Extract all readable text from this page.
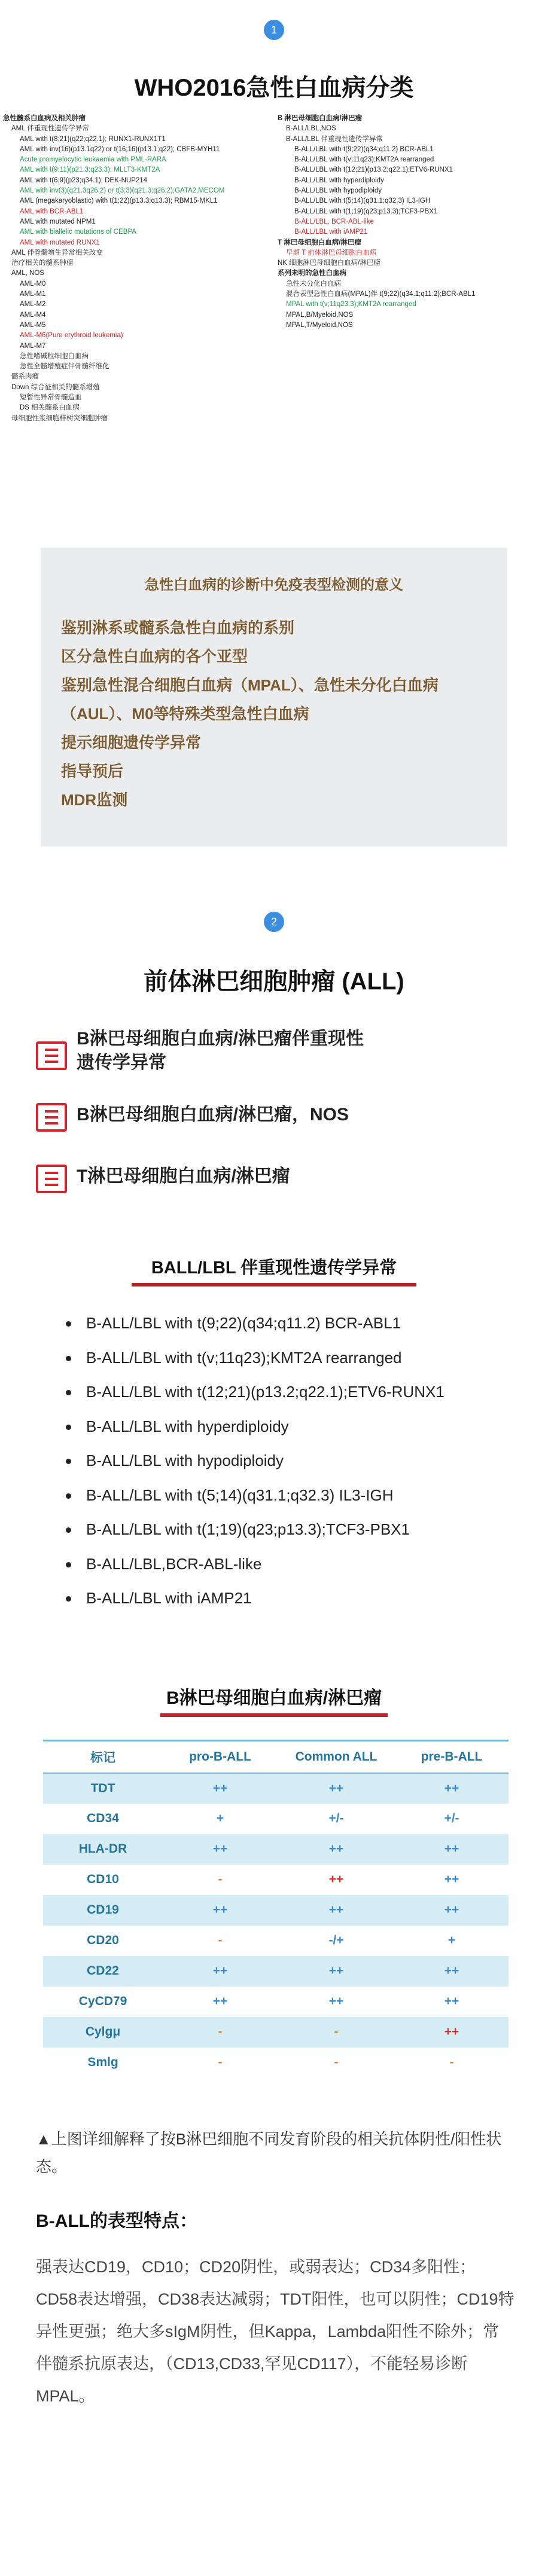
1
WHO2016急性白血病分类
急性髓系白血病及相关肿瘤
AML 伴重现性遗传学异常
AML with t(8;21)(q22;q22.1); RUNX1-RUNX1T1
AML with inv(16)(p13.1q22) or t(16;16)(p13.1;q22); CBFB-MYH11
Acute promyelocytic leukaemia with PML-RARA
AML with t(9;11)(p21.3;q23.3); MLLT3-KMT2A
AML with t(6;9)(p23;q34.1); DEK-NUP214
AML with inv(3)(q21.3q26.2) or t(3;3)(q21.3;q26.2);GATA2,MECOM
AML (megakaryoblastic) with t(1;22)(p13.3;q13.3); RBM15-MKL1
AML with BCR-ABL1
AML with mutated NPM1
AML with biallelic mutations of CEBPA
AML with mutated RUNX1
AML 伴骨髓增生异常相关改变
治疗相关的髓系肿瘤
AML, NOS
AML-M0
AML-M1
AML-M2
AML-M4
AML-M5
AML-M6(Pure erythroid leukemia)
AML-M7
急性嗜碱粒细胞白血病
急性全髓增殖症伴骨髓纤维化
髓系肉瘤
Down 综合征相关的髓系增殖
短暂性异常骨髓造血
DS 相关髓系白血病
母细胞性浆细胞样树突细胞肿瘤
B 淋巴母细胞白血病/淋巴瘤
B-ALL/LBL,NOS
B-ALL/LBL 伴重现性遗传学异常
B-ALL/LBL with t(9;22)(q34;q11.2) BCR-ABL1
B-ALL/LBL with t(v;11q23);KMT2A rearranged
B-ALL/LBL with t(12;21)(p13.2;q22.1);ETV6-RUNX1
B-ALL/LBL with hyperdiploidy
B-ALL/LBL with hypodiploidy
B-ALL/LBL with t(5;14)(q31.1;q32.3) IL3-IGH
B-ALL/LBL with t(1;19)(q23;p13.3);TCF3-PBX1
B-ALL/LBL, BCR-ABL-like
B-ALL/LBL with iAMP21
T 淋巴母细胞白血病/淋巴瘤
早期 T 前体淋巴母细胞白血病
NK 细胞淋巴母细胞白血病/淋巴瘤
系列未明的急性白血病
急性未分化白血病
混合表型急性白血病(MPAL)伴 t(9;22)(q34.1;q11.2);BCR-ABL1
MPAL with t(v;11q23.3);KMT2A rearranged
MPAL,B/Myeloid,NOS
MPAL,T/Myeloid,NOS
急性白血病的诊断中免疫表型检测的意义
鉴别淋系或髓系急性白血病的系别
区分急性白血病的各个亚型
鉴别急性混合细胞白血病（MPAL）、急性未分化白血病（AUL）、M0等特殊类型急性白血病
提示细胞遗传学异常
指导预后
MDR监测
2
前体淋巴细胞肿瘤 (ALL)
B淋巴母细胞白血病/淋巴瘤伴重现性遗传学异常
B淋巴母细胞白血病/淋巴瘤，NOS
T淋巴母细胞白血病/淋巴瘤
BALL/LBL 伴重现性遗传学异常
B-ALL/LBL with t(9;22)(q34;q11.2) BCR-ABL1
B-ALL/LBL with t(v;11q23);KMT2A rearranged
B-ALL/LBL with t(12;21)(p13.2;q22.1);ETV6-RUNX1
B-ALL/LBL with hyperdiploidy
B-ALL/LBL with hypodiploidy
B-ALL/LBL with t(5;14)(q31.1;q32.3) IL3-IGH
B-ALL/LBL with t(1;19)(q23;p13.3);TCF3-PBX1
B-ALL/LBL,BCR-ABL-like
B-ALL/LBL with iAMP21
B淋巴母细胞白血病/淋巴瘤
标记	pro-B-ALL	Common ALL	pre-B-ALL
TDT	++	++	++
CD34	+	+/-	+/-
HLA-DR	++	++	++
CD10	-	++	++
CD19	++	++	++
CD20	-	-/+	+
CD22	++	++	++
CyCD79	++	++	++
Cylgμ	-	-	++
Smlg	-	-	-
▲上图详细解释了按B淋巴细胞不同发育阶段的相关抗体阴性/阳性状态。
B-ALL的表型特点：
强表达CD19，CD10；CD20阴性，或弱表达；CD34多阳性；CD58表达增强，CD38表达减弱；TDT阳性，也可以阴性；CD19特异性更强；绝大多sIgM阴性，但Kappa，Lambda阳性不除外；常伴髓系抗原表达，（CD13,CD33,罕见CD117），不能轻易诊断MPAL。
